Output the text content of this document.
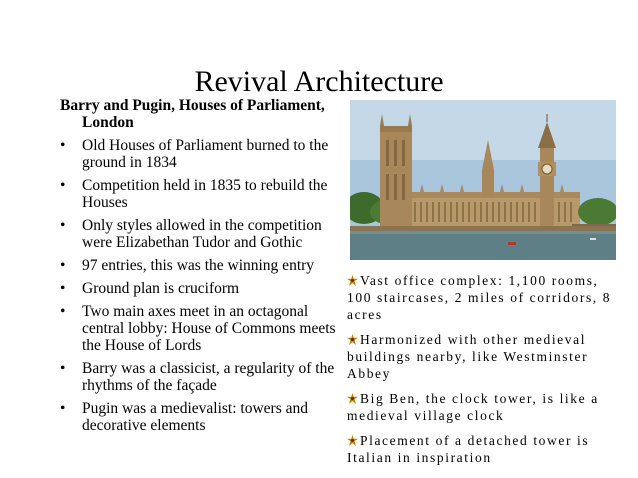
Revival Architecture
Barry and Pugin, Houses of Parliament, London
• Old Houses of Parliament burned to the ground in 1834
• Competition held in 1835 to rebuild the Houses
• Only styles allowed in the competition were Elizabethan Tudor and Gothic
• 97 entries, this was the winning entry
• Ground plan is cruciform
• Two main axes meet in an octagonal central lobby: House of Commons meets the House of Lords
• Barry was a classicist, a regularity of the rhythms of the façade
• Pugin was a medievalist: towers and decorative elements
Vast office complex: 1,100 rooms, 100 staircases, 2 miles of corridors, 8 acres
Harmonized with other medieval buildings nearby, like Westminster Abbey
Big Ben, the clock tower, is like a medieval village clock
Placement of a detached tower is Italian in inspiration
